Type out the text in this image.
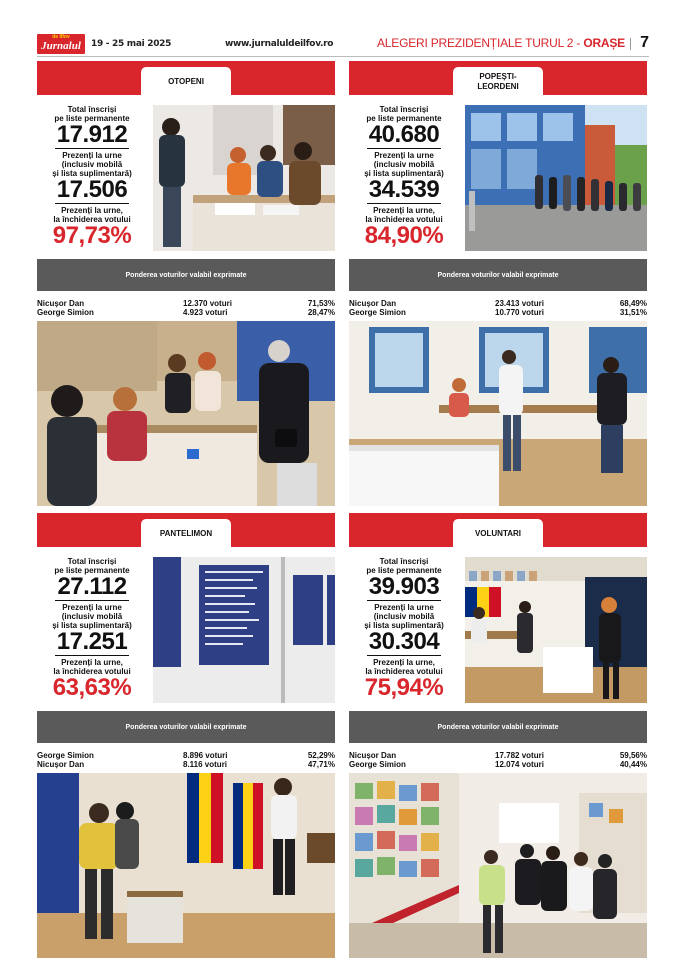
de Ilfov
Jurnalul	19 - 25 mai 2025	www.jurnaluldeilfov.ro	ALEGERI PREZIDENȚIALE TURUL 2 - ORAȘE 7
OTOPENI
Total înscriși
pe liste permanente
17.912
Prezenți la urne
(inclusiv mobilă
și lista suplimentară)
17.506
Prezenți la urne,
la închiderea votului
97,73%
Ponderea voturilor valabil exprimate
Nicușor Dan	12.370 voturi	71,53%
George Simion	4.923 voturi	28,47%
POPEȘTI-
LEORDENI
Total înscriși
pe liste permanente
40.680
Prezenți la urne
(inclusiv mobilă
și lista suplimentară)
34.539
Prezenți la urne,
la închiderea votului
84,90%
Ponderea voturilor valabil exprimate
Nicușor Dan	23.413 voturi	68,49%
George Simion	10.770 voturi	31,51%
PANTELIMON
Total înscriși
pe liste permanente
27.112
Prezenți la urne
(inclusiv mobilă
și lista suplimentară)
17.251
Prezenți la urne,
la închiderea votului
63,63%
Ponderea voturilor valabil exprimate
George Simion	8.896 voturi	52,29%
Nicușor Dan	8.116 voturi	47,71%
VOLUNTARI
Total înscriși
pe liste permanente
39.903
Prezenți la urne
(inclusiv mobilă
și lista suplimentară)
30.304
Prezenți la urne,
la închiderea votului
75,94%
Ponderea voturilor valabil exprimate
Nicușor Dan	17.782 voturi	59,56%
George Simion	12.074 voturi	40,44%
